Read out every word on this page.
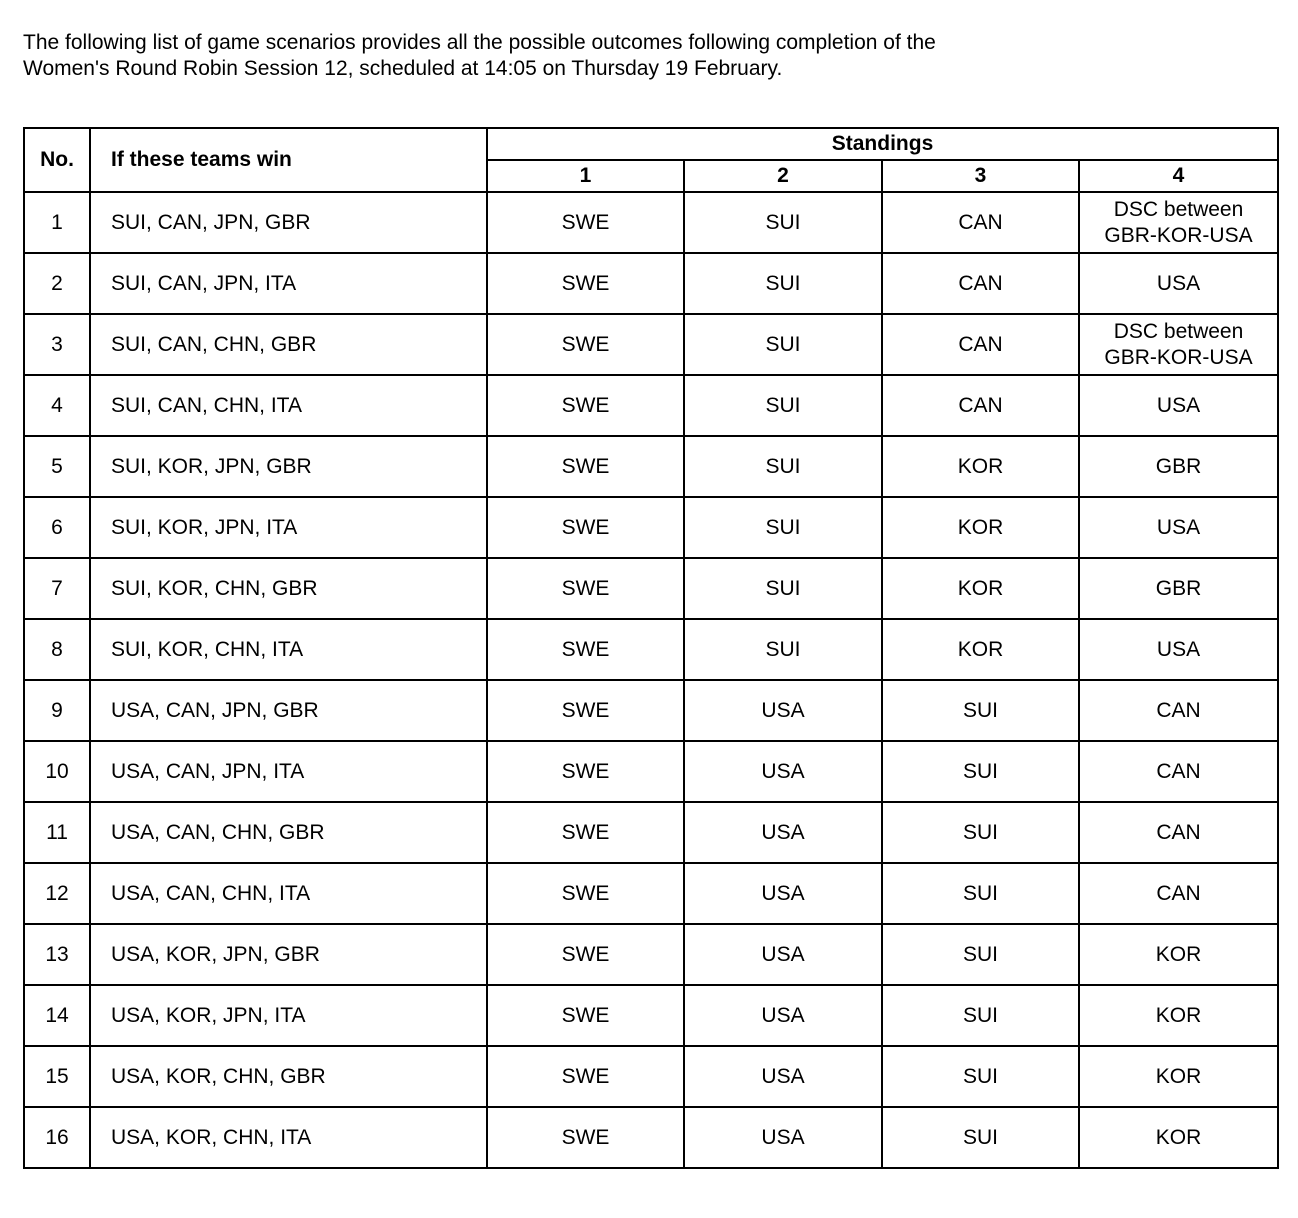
The following list of game scenarios provides all the possible outcomes following completion of the
Women's Round Robin Session 12, scheduled at 14:05 on Thursday 19 February.
No.	If these teams win	Standings			
		1	2	3	4
1	SUI, CAN, JPN, GBR	SWE	SUI	CAN	DSC between
GBR-KOR-USA

2	SUI, CAN, JPN, ITA	SWE	SUI	CAN	USA

3	SUI, CAN, CHN, GBR	SWE	SUI	CAN	DSC between
GBR-KOR-USA

4	SUI, CAN, CHN, ITA	SWE	SUI	CAN	USA

5	SUI, KOR, JPN, GBR	SWE	SUI	KOR	GBR

6	SUI, KOR, JPN, ITA	SWE	SUI	KOR	USA

7	SUI, KOR, CHN, GBR	SWE	SUI	KOR	GBR

8	SUI, KOR, CHN, ITA	SWE	SUI	KOR	USA

9	USA, CAN, JPN, GBR	SWE	USA	SUI	CAN

10	USA, CAN, JPN, ITA	SWE	USA	SUI	CAN

11	USA, CAN, CHN, GBR	SWE	USA	SUI	CAN

12	USA, CAN, CHN, ITA	SWE	USA	SUI	CAN

13	USA, KOR, JPN, GBR	SWE	USA	SUI	KOR

14	USA, KOR, JPN, ITA	SWE	USA	SUI	KOR

15	USA, KOR, CHN, GBR	SWE	USA	SUI	KOR

16	USA, KOR, CHN, ITA	SWE	USA	SUI	KOR
